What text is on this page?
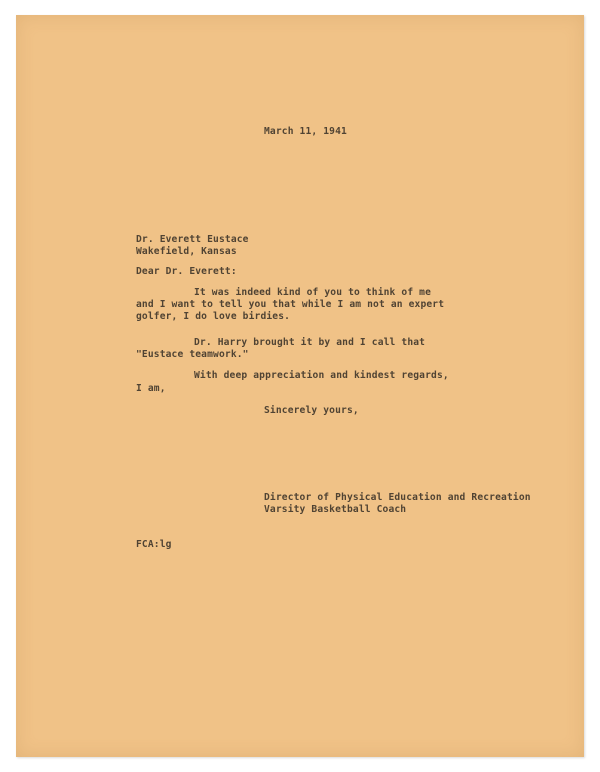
March 11, 1941
Dr. Everett Eustace
Wakefield, Kansas
Dear Dr. Everett:
It was indeed kind of you to think of me
and I want to tell you that while I am not an expert
golfer, I do love birdies.
Dr. Harry brought it by and I call that
"Eustace teamwork."
With deep appreciation and kindest regards,
I am,
Sincerely yours,
Director of Physical Education and Recreation
Varsity Basketball Coach
FCA:lg
